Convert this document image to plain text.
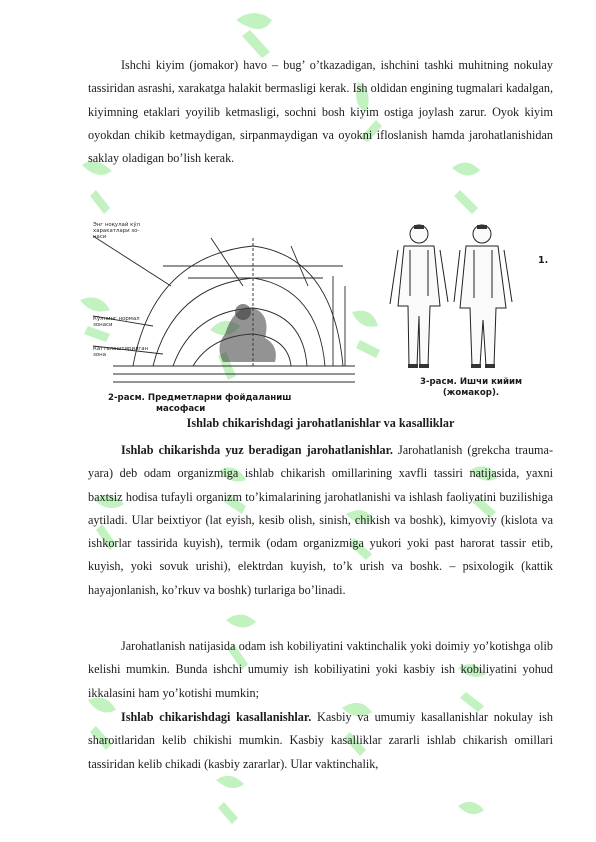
Ishchi kiyim (jomakor) havo – bug’ o’tkazadigan, ishchini tashki muhitning nokulay taѕsiridan asrashi, xarakatga halakit bermasligi kerak. Ish oldidan engining tugmalari kadalgan, kiyimning etaklari yoyilib ketmasligi, sochni bosh kiyim ostiga joylash zarur. Oyok kiyim oyokdan chikib ketmaydigan, sirpanmaydigan va oyokni ifloslanish hamda jarohatlanishidan saklay oladigan bo’lish kerak.

Энг ноқулай кўл
харакатлари зо-
наси
Кўлнинг нормал
зонаси
Катталаштирилган
зона
2-расм. Предметларни фойдаланиш
масофаси
1.
3-расм. Ишчи кийим
(жомакор).

Ishlab chikarishdagi jarohatlanishlar va kasalliklar

Ishlab chikarishda yuz beradigan jarohatlanishlar. Jarohatlanish (grekcha trauma-yara) deb odam organizmiga ishlab chikarish omillarining xavfli taѕsiri natijasida, yaxni baxtsiz hodisa tufayli organizm to’kimalarining jarohatlanishi va ishlash faoliyatini buzilishiga aytiladi. Ular beixtiyor (lat eyish, kesib olish, sinish, chikish va boshk), kimyoviy (kislota va ishkorlar taѕsirida kuyish), termik (odam organizmiga yukori yoki past harorat taѕsir etib, kuyish, yoki sovuk urishi), elektrdan kuyish, to’k urish va boshk. – psixologik (kattik hayajonlanish, ko’rkuv va boshk) turlariga bo’linadi.

Jarohatlanish natijasida odam ish kobiliyatini vaktinchalik yoki doimiy yo’kotishga olib kelishi mumkin. Bunda ishchi umumiy ish kobiliyatini yoki kasbiy ish kobiliyatini yohud ikkalasini ham yo’kotishi mumkin;

Ishlab chikarishdagi kasallanishlar. Kasbiy va umumiy kasallanishlar nokulay ish sharoitlaridan kelib chikishi mumkin. Kasbiy kasalliklar zararli ishlab chikarish omillari taѕsiridan kelib chikadi (kasbiy zararlar). Ular vaktinchalik,
